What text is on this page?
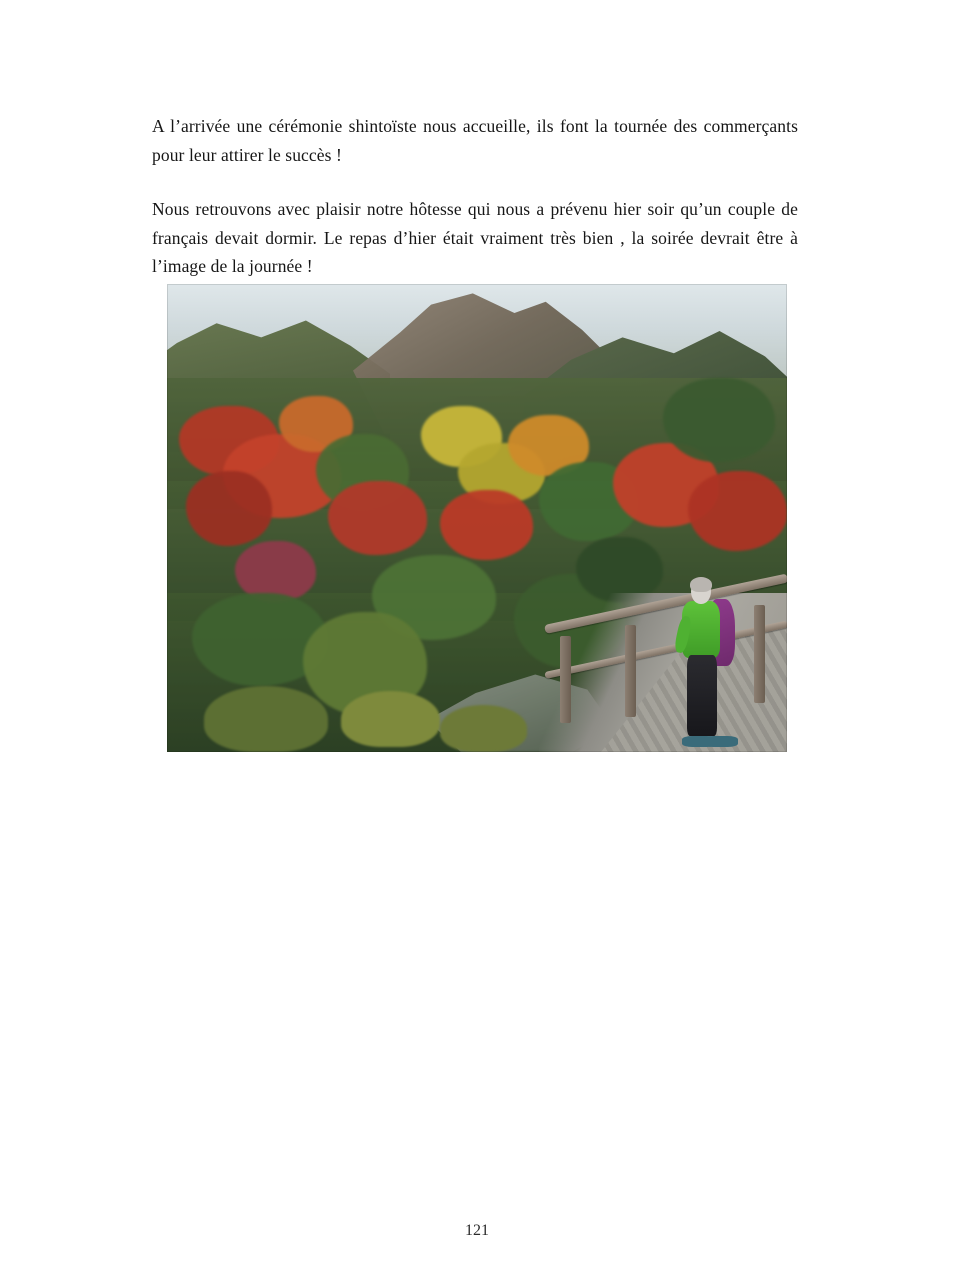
A l’arrivée une cérémonie shintoïste nous accueille, ils font la tournée des commerçants pour leur attirer le succès !

Nous retrouvons avec plaisir notre hôtesse qui nous a prévenu hier soir qu’un couple de français devait dormir. Le repas d’hier était vraiment très bien , la soirée devrait être à l’image de la journée !

121
